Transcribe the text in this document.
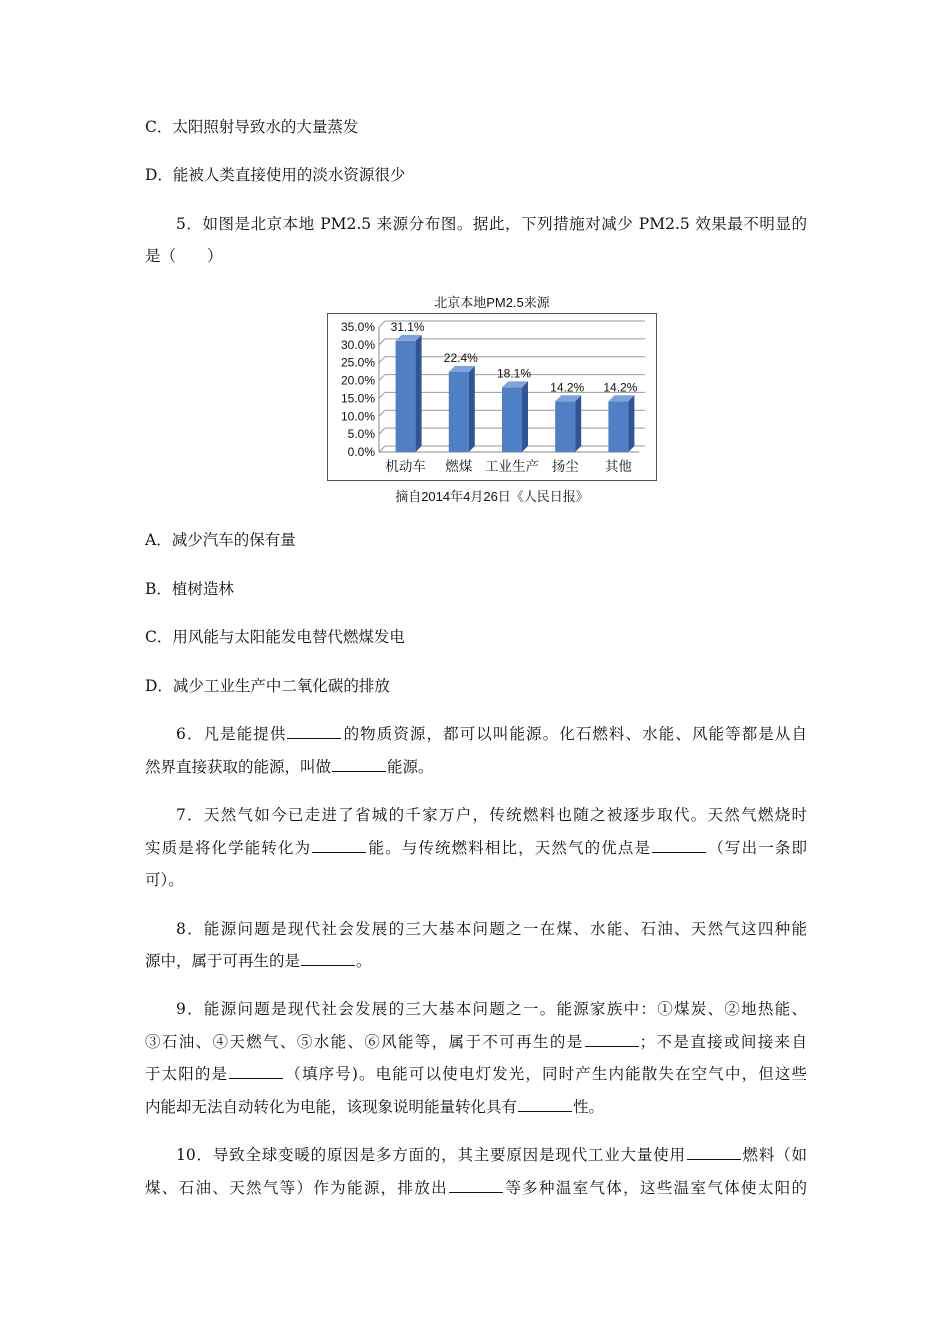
C．太阳照射导致水的大量蒸发
D．能被人类直接使用的淡水资源很少
5．如图是北京本地 PM2.5 来源分布图。据此，下列措施对减少 PM2.5 效果最不明显的
是（　　）
北京本地PM2.5来源
0.0%
5.0%
10.0%
15.0%
20.0%
25.0%
30.0%
35.0% 31.1%
22.4%
18.1%
14.2% 14.2%
机动车 燃煤 工业生产 扬尘 其他
摘自2014年4月26日《人民日报》
A．减少汽车的保有量
B．植树造林
C．用风能与太阳能发电替代燃煤发电
D．减少工业生产中二氧化碳的排放
6．凡是能提供	的物质资源，都可以叫能源。化石燃料、水能、风能等都是从自
然界直接获取的能源，叫做	能源。
7．天然气如今已走进了省城的千家万户，传统燃料也随之被逐步取代。天然气燃烧时
实质是将化学能转化为	能。与传统燃料相比，天然气的优点是	（写出一条即
可）。
8．能源问题是现代社会发展的三大基本问题之一在煤、水能、石油、天然气这四种能
源中，属于可再生的是	。
9．能源问题是现代社会发展的三大基本问题之一。能源家族中：①煤炭、②地热能、
③石油、④天燃气、⑤水能、⑥风能等，属于不可再生的是	；不是直接或间接来自
于太阳的是	（填序号)。电能可以使电灯发光，同时产生内能散失在空气中，但这些
内能却无法自动转化为电能，该现象说明能量转化具有	性。
10．导致全球变暖的原因是多方面的，其主要原因是现代工业大量使用	燃料（如
煤、石油、天然气等）作为能源，排放出	等多种温室气体，这些温室气体使太阳的
